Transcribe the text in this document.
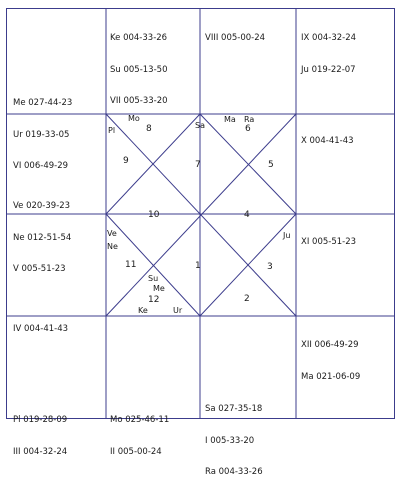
8
7
6
9	5
10	4
11	1	3
12	2
Mo
Pl
Sa
Ma Ra
Ve
Ne
Ju
Su
Me
Ke	Ur

Me 027-44-23

Ur 019-33-05

VI 006-49-29

Ke 004-33-26

Su 005-13-50

VII 005-33-20

VIII 005-00-24

	IX 004-32-24

Ju 019-22-07

Ve 020-39-23

Ne 012-51-54

V 005-51-23

X 004-41-43

IV 004-41-43

XI 005-51-23

Pl 019-28-09

III 004-32-24

Mo 025-46-11

II 005-00-24

Sa 027-35-18

I 005-33-20

Ra 004-33-26

XII 006-49-29

Ma 021-06-09
